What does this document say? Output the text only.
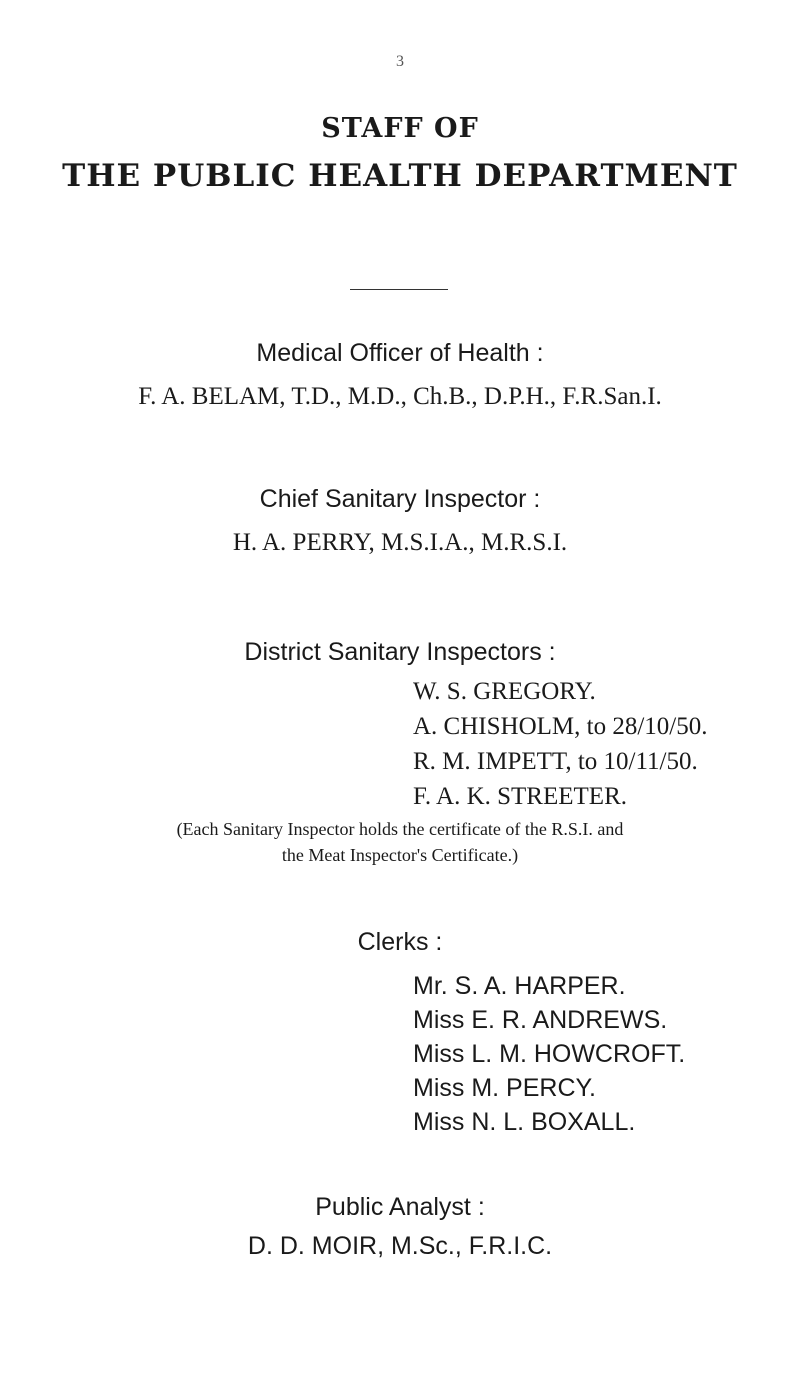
3
STAFF OF
THE PUBLIC HEALTH DEPARTMENT
Medical Officer of Health :
F. A. BELAM, T.D., M.D., Ch.B., D.P.H., F.R.San.I.
Chief Sanitary Inspector :
H. A. PERRY, M.S.I.A., M.R.S.I.
District Sanitary Inspectors :
W. S. GREGORY.
A. CHISHOLM, to 28/10/50.
R. M. IMPETT, to 10/11/50.
F. A. K. STREETER.
(Each Sanitary Inspector holds the certificate of the R.S.I. and
the Meat Inspector's Certificate.)
Clerks :
Mr. S. A. HARPER.
Miss E. R. ANDREWS.
Miss L. M. HOWCROFT.
Miss M. PERCY.
Miss N. L. BOXALL.
Public Analyst :
D. D. MOIR, M.Sc., F.R.I.C.
